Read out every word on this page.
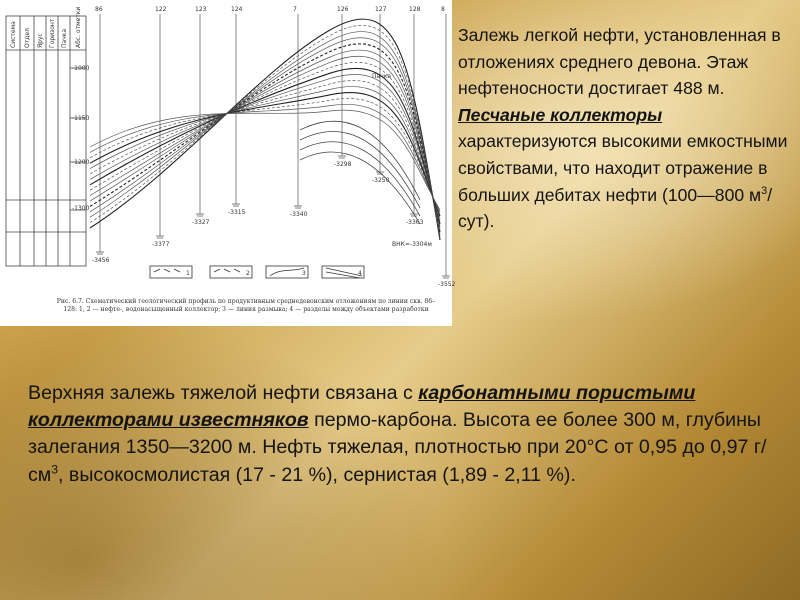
Система Отдел Ярус Горизонт Пачка Абс. отметки 86
-3456
122
-3377
123
-3327
124
-3315
7
-3340
126
-3298
127
-3250
128
-3363
8
-3552
-1000
-1150
-1200
-1300
1	2	3	4
Пачка
ВНК=-3304м
Рис. 6.7. Схематический геологический профиль по продуктивным среднедевонским отложениям по линии скв. 86–128: 1, 2 — нефте-, водонасыщенный коллектор; 3 — линия размыва; 4 — разделы между объектами разработки
Залежь легкой нефти, установленная в отложениях среднего девона. Этаж нефтеносности достигает 488 м. Песчаные коллекторы характеризуются высокими емкостными свойствами, что находит отражение в больших дебитах нефти (100—800 $м^3/сут$).
Верхняя залежь тяжелой нефти связана с карбонатными пористыми коллекторами известняков пермо-карбона. Высота ее более 300 м, глубины залегания 1350—3200 м. Нефть тяжелая, плотностью при 20°С от 0,95 до 0,97 $г/см^3$, высокосмолистая (17 - 21 %), сернистая (1,89 - 2,11 %).
